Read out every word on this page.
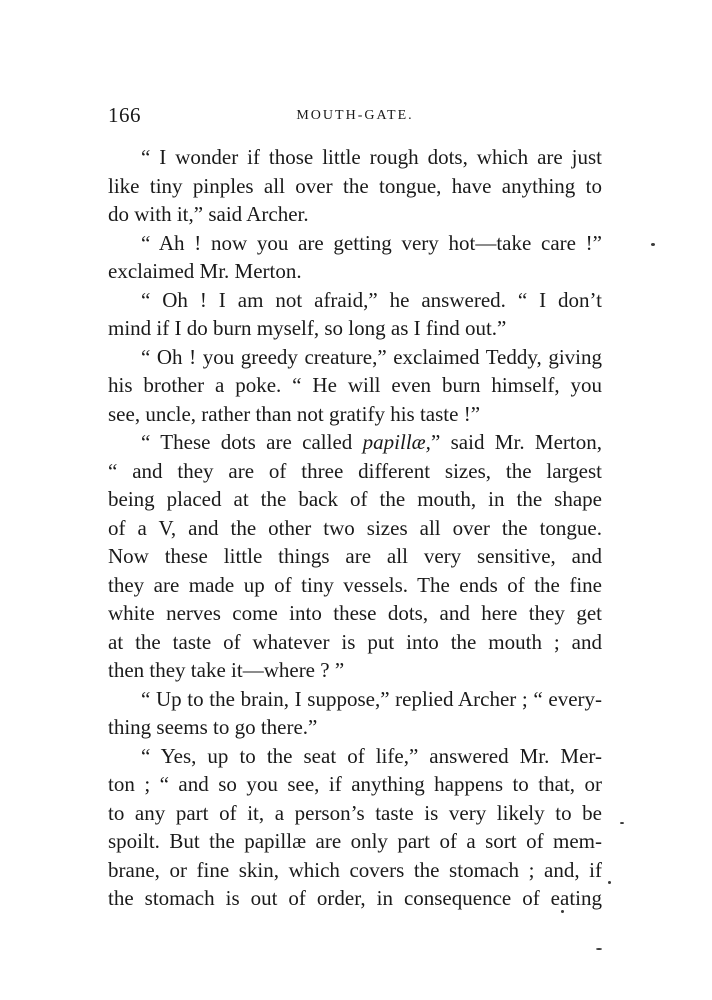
166	MOUTH-GATE.
“ I wonder if those little rough dots, which are just
like tiny pinples all over the tongue, have anything to
do with it,” said Archer.
“ Ah ! now you are getting very hot—take care !”
exclaimed Mr. Merton.
“ Oh ! I am not afraid,” he answered. “ I don’t
mind if I do burn myself, so long as I find out.”
“ Oh ! you greedy creature,” exclaimed Teddy, giving
his brother a poke. “ He will even burn himself, you
see, uncle, rather than not gratify his taste !”
“ These dots are called papillæ,” said Mr. Merton,
“ and they are of three different sizes, the largest
being placed at the back of the mouth, in the shape
of a V, and the other two sizes all over the tongue.
Now these little things are all very sensitive, and
they are made up of tiny vessels. The ends of the fine
white nerves come into these dots, and here they get
at the taste of whatever is put into the mouth ; and
then they take it—where ? ”
“ Up to the brain, I suppose,” replied Archer ; “ every-
thing seems to go there.”
“ Yes, up to the seat of life,” answered Mr. Mer-
ton ; “ and so you see, if anything happens to that, or
to any part of it, a person’s taste is very likely to be
spoilt. But the papillæ are only part of a sort of mem-
brane, or fine skin, which covers the stomach ; and, if
the stomach is out of order, in consequence of eating
